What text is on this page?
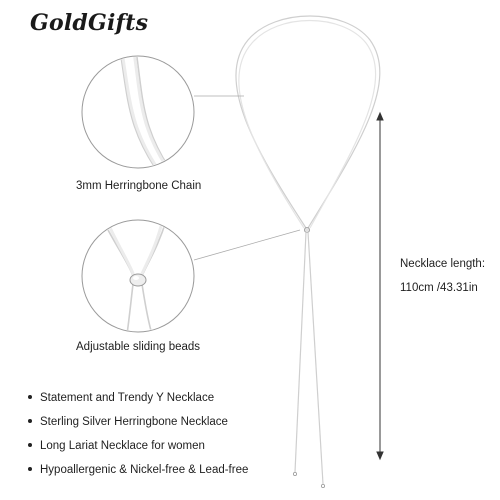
GoldGifts
3mm Herringbone Chain
Adjustable sliding beads
Necklace length:
110cm /43.31in
Statement and Trendy Y Necklace
Sterling Silver Herringbone Necklace
Long Lariat Necklace for women
Hypoallergenic & Nickel-free & Lead-free
